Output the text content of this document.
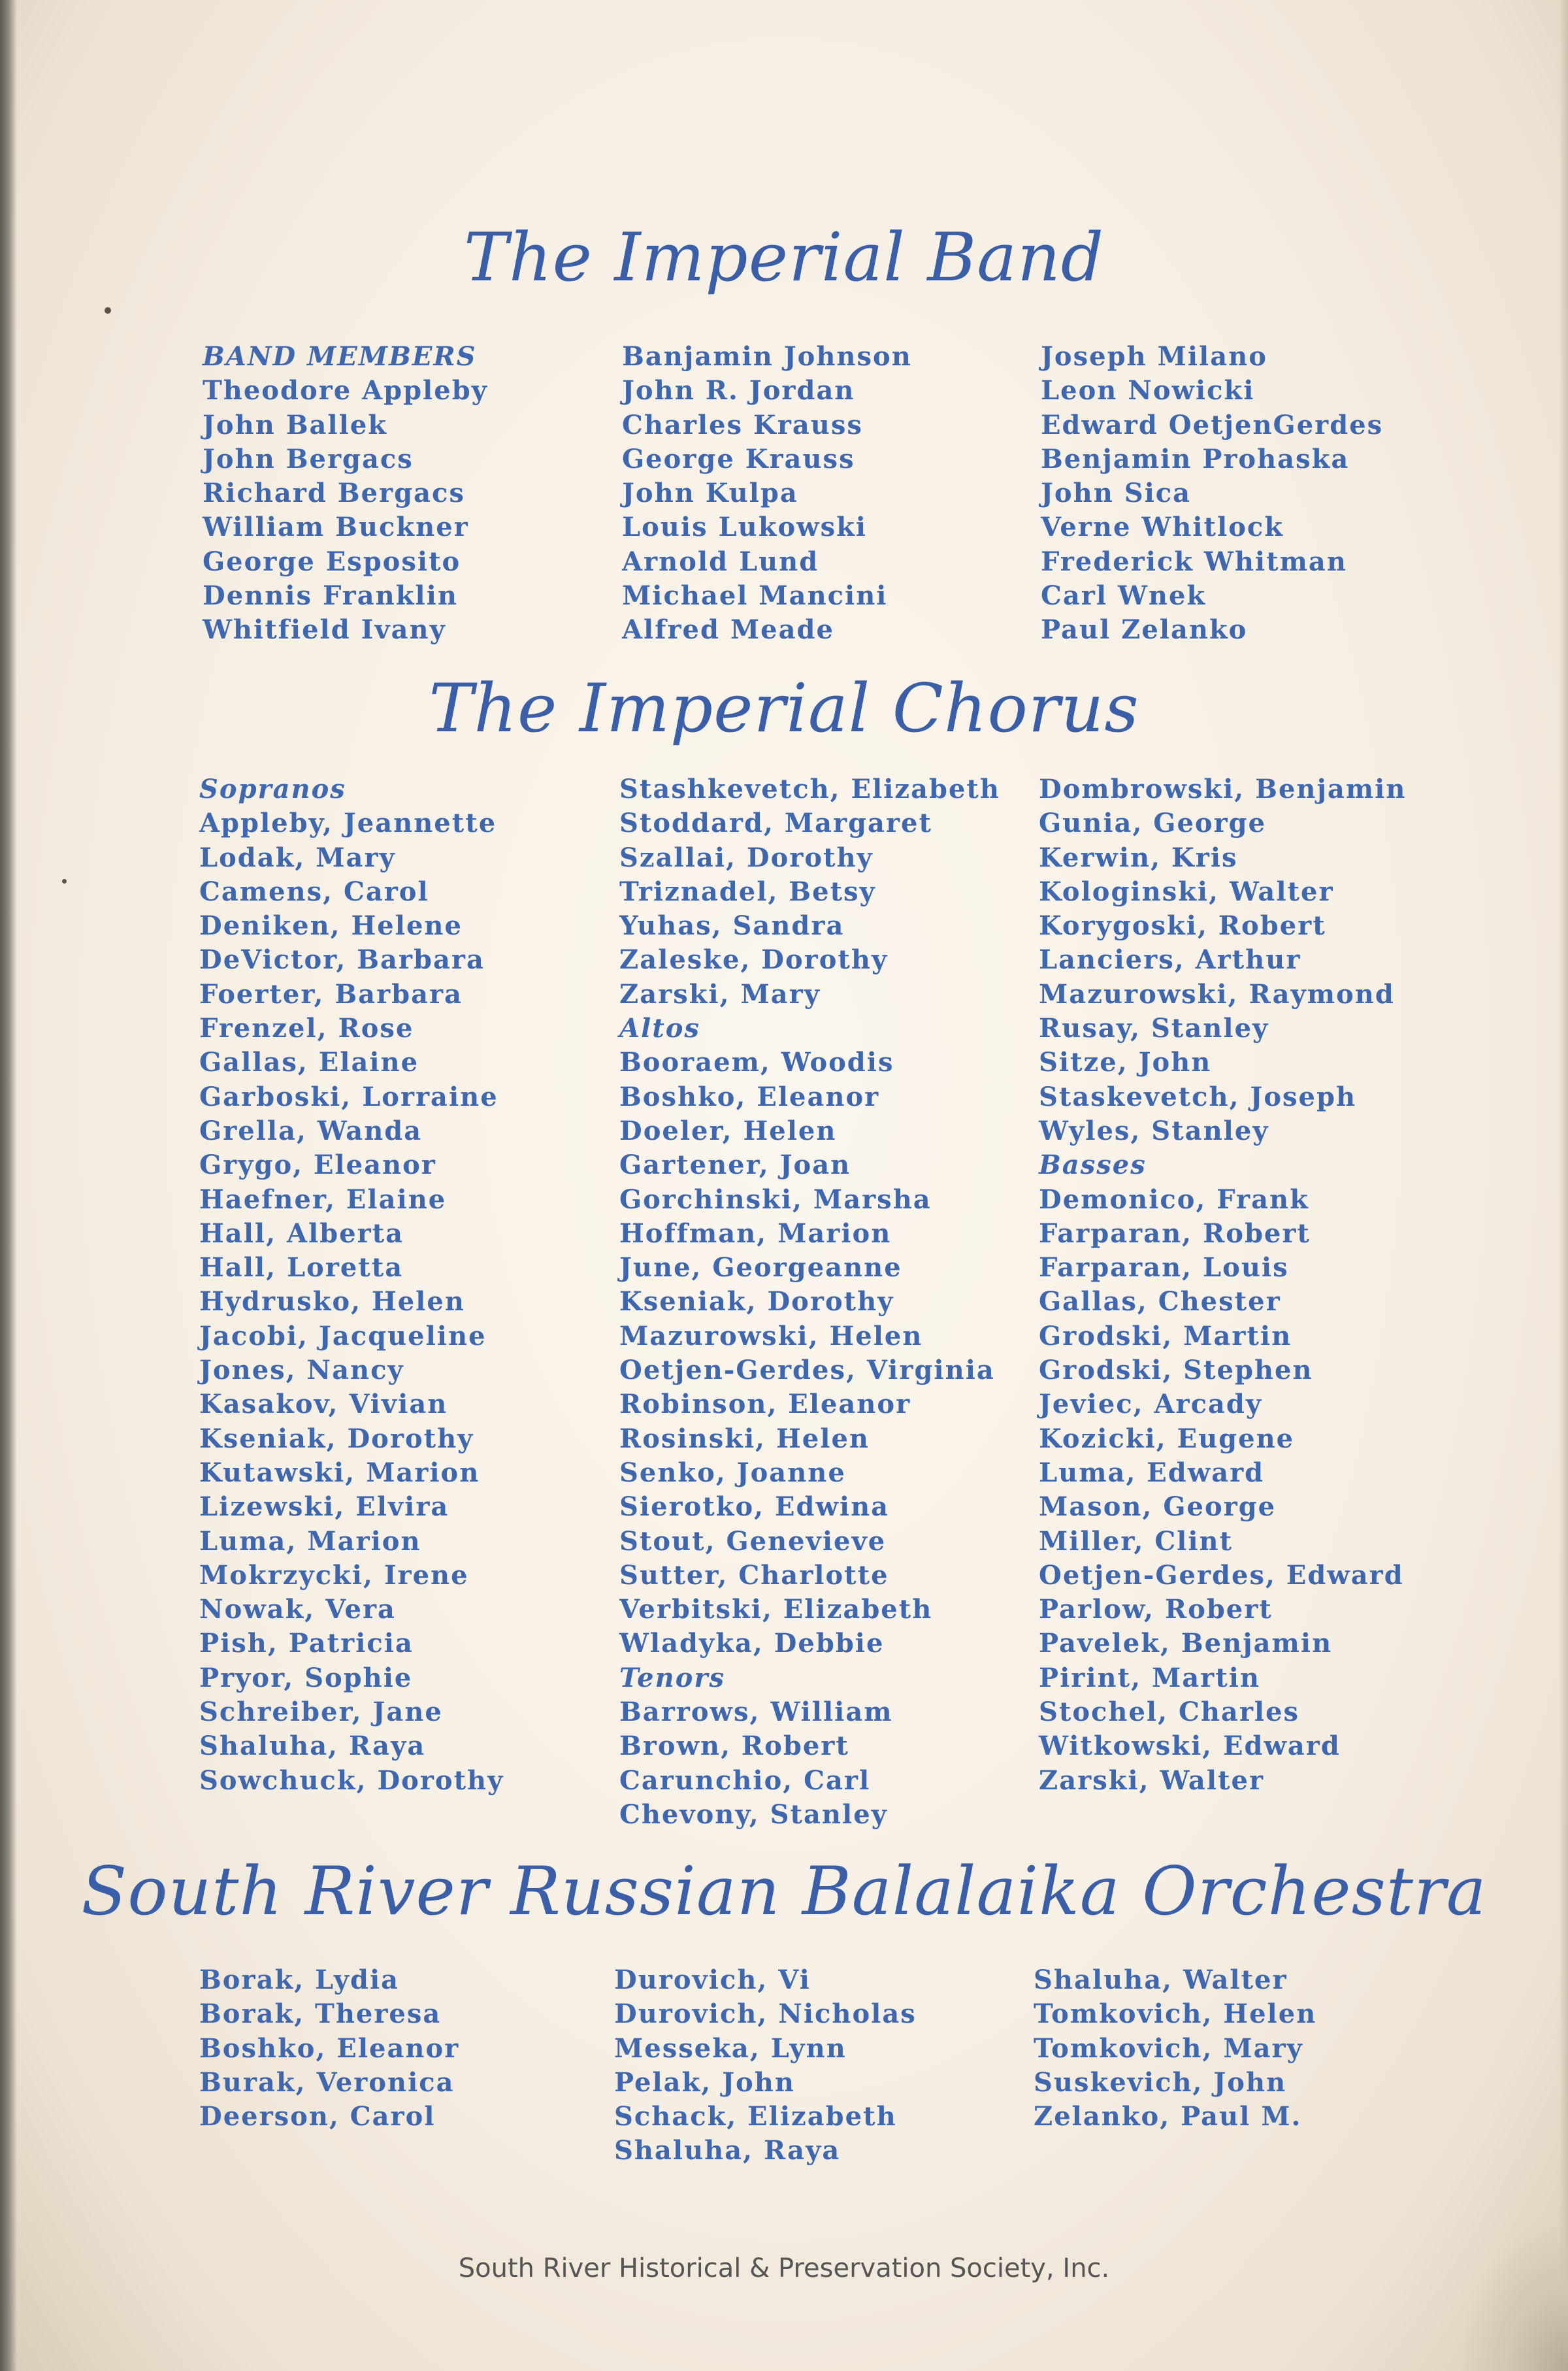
The Imperial Band
BAND MEMBERS
Theodore Appleby
John Ballek
John Bergacs
Richard Bergacs
William Buckner
George Esposito
Dennis Franklin
Whitfield Ivany
Banjamin Johnson
John R. Jordan
Charles Krauss
George Krauss
John Kulpa
Louis Lukowski
Arnold Lund
Michael Mancini
Alfred Meade
Joseph Milano
Leon Nowicki
Edward OetjenGerdes
Benjamin Prohaska
John Sica
Verne Whitlock
Frederick Whitman
Carl Wnek
Paul Zelanko
The Imperial Chorus
Sopranos
Appleby, Jeannette
Lodak, Mary
Camens, Carol
Deniken, Helene
DeVictor, Barbara
Foerter, Barbara
Frenzel, Rose
Gallas, Elaine
Garboski, Lorraine
Grella, Wanda
Grygo, Eleanor
Haefner, Elaine
Hall, Alberta
Hall, Loretta
Hydrusko, Helen
Jacobi, Jacqueline
Jones, Nancy
Kasakov, Vivian
Kseniak, Dorothy
Kutawski, Marion
Lizewski, Elvira
Luma, Marion
Mokrzycki, Irene
Nowak, Vera
Pish, Patricia
Pryor, Sophie
Schreiber, Jane
Shaluha, Raya
Sowchuck, Dorothy
Stashkevetch, Elizabeth
Stoddard, Margaret
Szallai, Dorothy
Triznadel, Betsy
Yuhas, Sandra
Zaleske, Dorothy
Zarski, Mary
Altos
Booraem, Woodis
Boshko, Eleanor
Doeler, Helen
Gartener, Joan
Gorchinski, Marsha
Hoffman, Marion
June, Georgeanne
Kseniak, Dorothy
Mazurowski, Helen
Oetjen-Gerdes, Virginia
Robinson, Eleanor
Rosinski, Helen
Senko, Joanne
Sierotko, Edwina
Stout, Genevieve
Sutter, Charlotte
Verbitski, Elizabeth
Wladyka, Debbie
Tenors
Barrows, William
Brown, Robert
Carunchio, Carl
Chevony, Stanley
Dombrowski, Benjamin
Gunia, George
Kerwin, Kris
Kologinski, Walter
Korygoski, Robert
Lanciers, Arthur
Mazurowski, Raymond
Rusay, Stanley
Sitze, John
Staskevetch, Joseph
Wyles, Stanley
Basses
Demonico, Frank
Farparan, Robert
Farparan, Louis
Gallas, Chester
Grodski, Martin
Grodski, Stephen
Jeviec, Arcady
Kozicki, Eugene
Luma, Edward
Mason, George
Miller, Clint
Oetjen-Gerdes, Edward
Parlow, Robert
Pavelek, Benjamin
Pirint, Martin
Stochel, Charles
Witkowski, Edward
Zarski, Walter
South River Russian Balalaika Orchestra
Borak, Lydia
Borak, Theresa
Boshko, Eleanor
Burak, Veronica
Deerson, Carol
Durovich, Vi
Durovich, Nicholas
Messeka, Lynn
Pelak, John
Schack, Elizabeth
Shaluha, Raya
Shaluha, Walter
Tomkovich, Helen
Tomkovich, Mary
Suskevich, John
Zelanko, Paul M.
South River Historical & Preservation Society, Inc.
